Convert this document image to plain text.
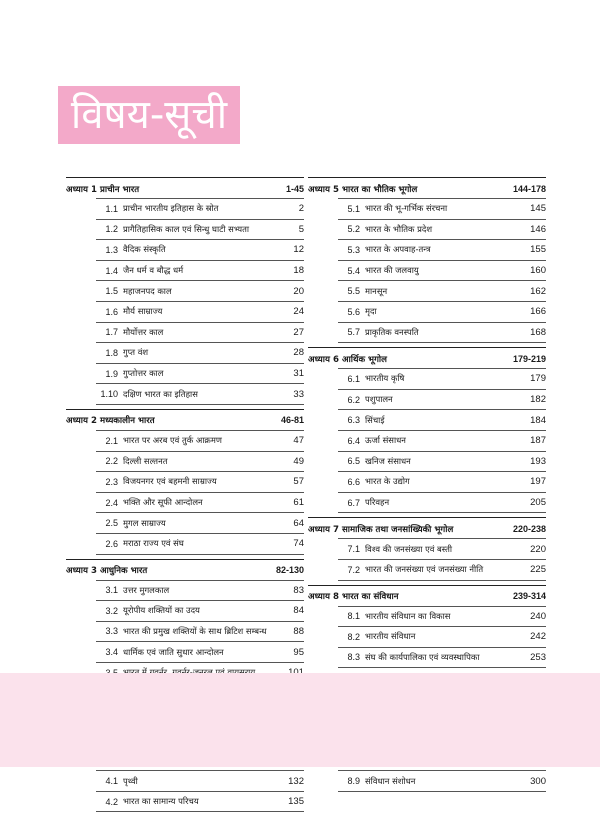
विषय-सूची
अध्याय 1 प्राचीन भारत	1-45
1.1 प्राचीन भारतीय इतिहास के स्रोत	2
1.2 प्रागैतिहासिक काल एवं सिन्धु घाटी सभ्यता	5
1.3 वैदिक संस्कृति	12
1.4 जैन धर्म व बौद्ध धर्म	18
1.5 महाजनपद काल	20
1.6 मौर्य साम्राज्य	24
1.7 मौर्योत्तर काल	27
1.8 गुप्त वंश	28
1.9 गुप्तोत्तर काल	31
1.10 दक्षिण भारत का इतिहास	33
अध्याय 2 मध्यकालीन भारत	46-81
2.1 भारत पर अरब एवं तुर्क आक्रमण	47
2.2 दिल्ली सल्तनत	49
2.3 विजयनगर एवं बहमनी साम्राज्य	57
2.4 भक्ति और सूफी आन्दोलन	61
2.5 मुगल साम्राज्य	64
2.6 मराठा राज्य एवं संघ	74
अध्याय 3 आधुनिक भारत	82-130
3.1 उत्तर मुगलकाल	83
3.2 यूरोपीय शक्तियों का उदय	84
3.3 भारत की प्रमुख शक्तियों के साथ ब्रिटिश सम्बन्ध	88
3.4 धार्मिक एवं जाति सुधार आन्दोलन	95
4.1 पृथ्वी	132
4.2 भारत का सामान्य परिचय	135
अध्याय 5 भारत का भौतिक भूगोल	144-178
5.1 भारत की भू-गर्भिक संरचना	145
5.2 भारत के भौतिक प्रदेश	146
5.3 भारत के अपवाह-तन्त्र	155
5.4 भारत की जलवायु	160
5.5 मानसून	162
5.6 मृदा	166
5.7 प्राकृतिक वनस्पति	168
अध्याय 6 आर्थिक भूगोल	179-219
6.1 भारतीय कृषि	179
6.2 पशुपालन	182
6.3 सिंचाई	184
6.4 ऊर्जा संसाधन	187
6.5 खनिज संसाधन	193
6.6 भारत के उद्योग	197
6.7 परिवहन	205
अध्याय 7 सामाजिक तथा जनसांख्यिकी भूगोल	220-238
7.1 विश्व की जनसंख्या एवं बस्ती	220
7.2 भारत की जनसंख्या एवं जनसंख्या नीति	225
अध्याय 8 भारत का संविधान	239-314
8.1 भारतीय संविधान का विकास	240
8.2 भारतीय संविधान	242
8.3 संघ की कार्यपालिका एवं व्यवस्थापिका	253
8.9 संविधान संशोधन	300
